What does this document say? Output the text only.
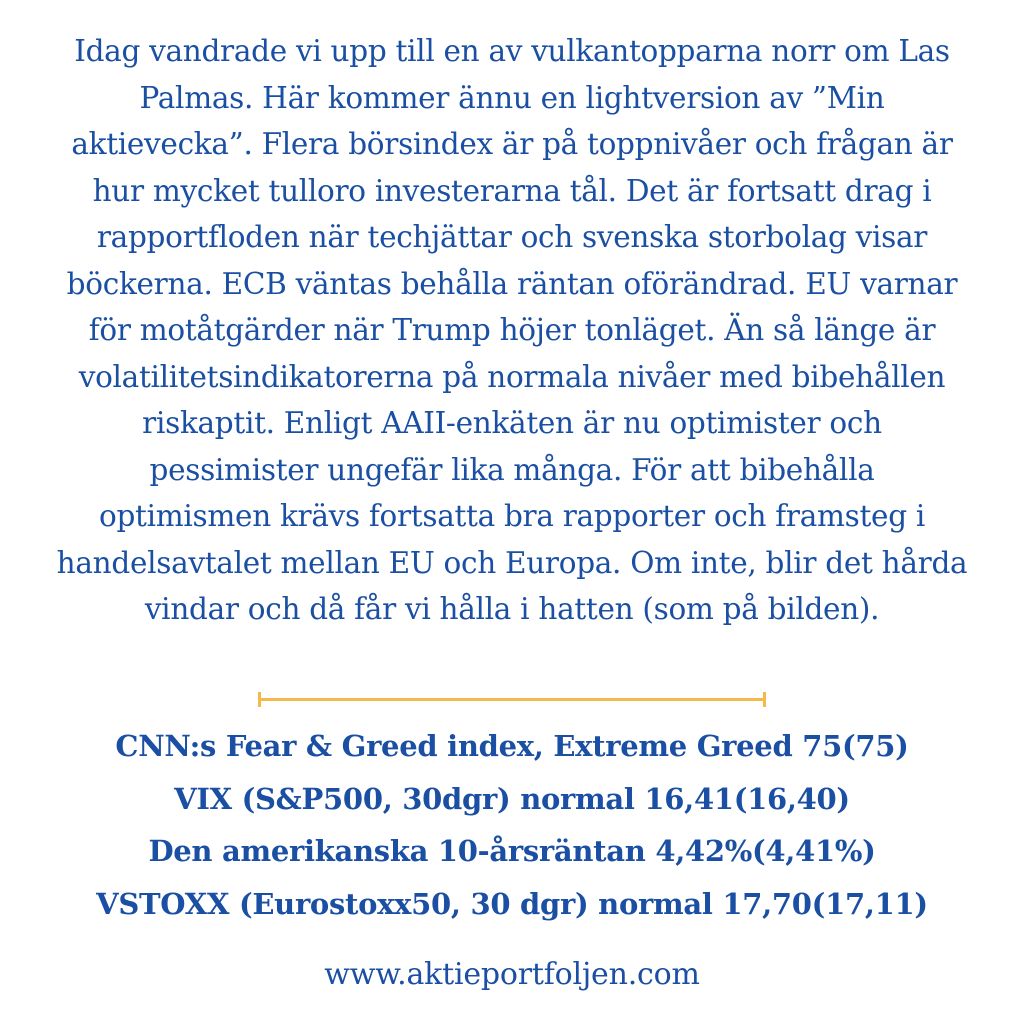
Idag vandrade vi upp till en av vulkantopparna norr om Las
Palmas. Här kommer ännu en lightversion av ”Min
aktievecka”. Flera börsindex är på toppnivåer och frågan är
hur mycket tulloro investerarna tål. Det är fortsatt drag i
rapportfloden när techjättar och svenska storbolag visar
böckerna. ECB väntas behålla räntan oförändrad. EU varnar
för motåtgärder när Trump höjer tonläget. Än så länge är
volatilitetsindikatorerna på normala nivåer med bibehållen
riskaptit. Enligt AAII-enkäten är nu optimister och
pessimister ungefär lika många. För att bibehålla
optimismen krävs fortsatta bra rapporter och framsteg i
handelsavtalet mellan EU och Europa. Om inte, blir det hårda
vindar och då får vi hålla i hatten (som på bilden).

CNN:s Fear & Greed index, Extreme Greed 75(75)
VIX (S&P500, 30dgr) normal 16,41(16,40)
Den amerikanska 10-årsräntan 4,42%(4,41%)
VSTOXX (Eurostoxx50, 30 dgr) normal 17,70(17,11)
www.aktieportfoljen.com
